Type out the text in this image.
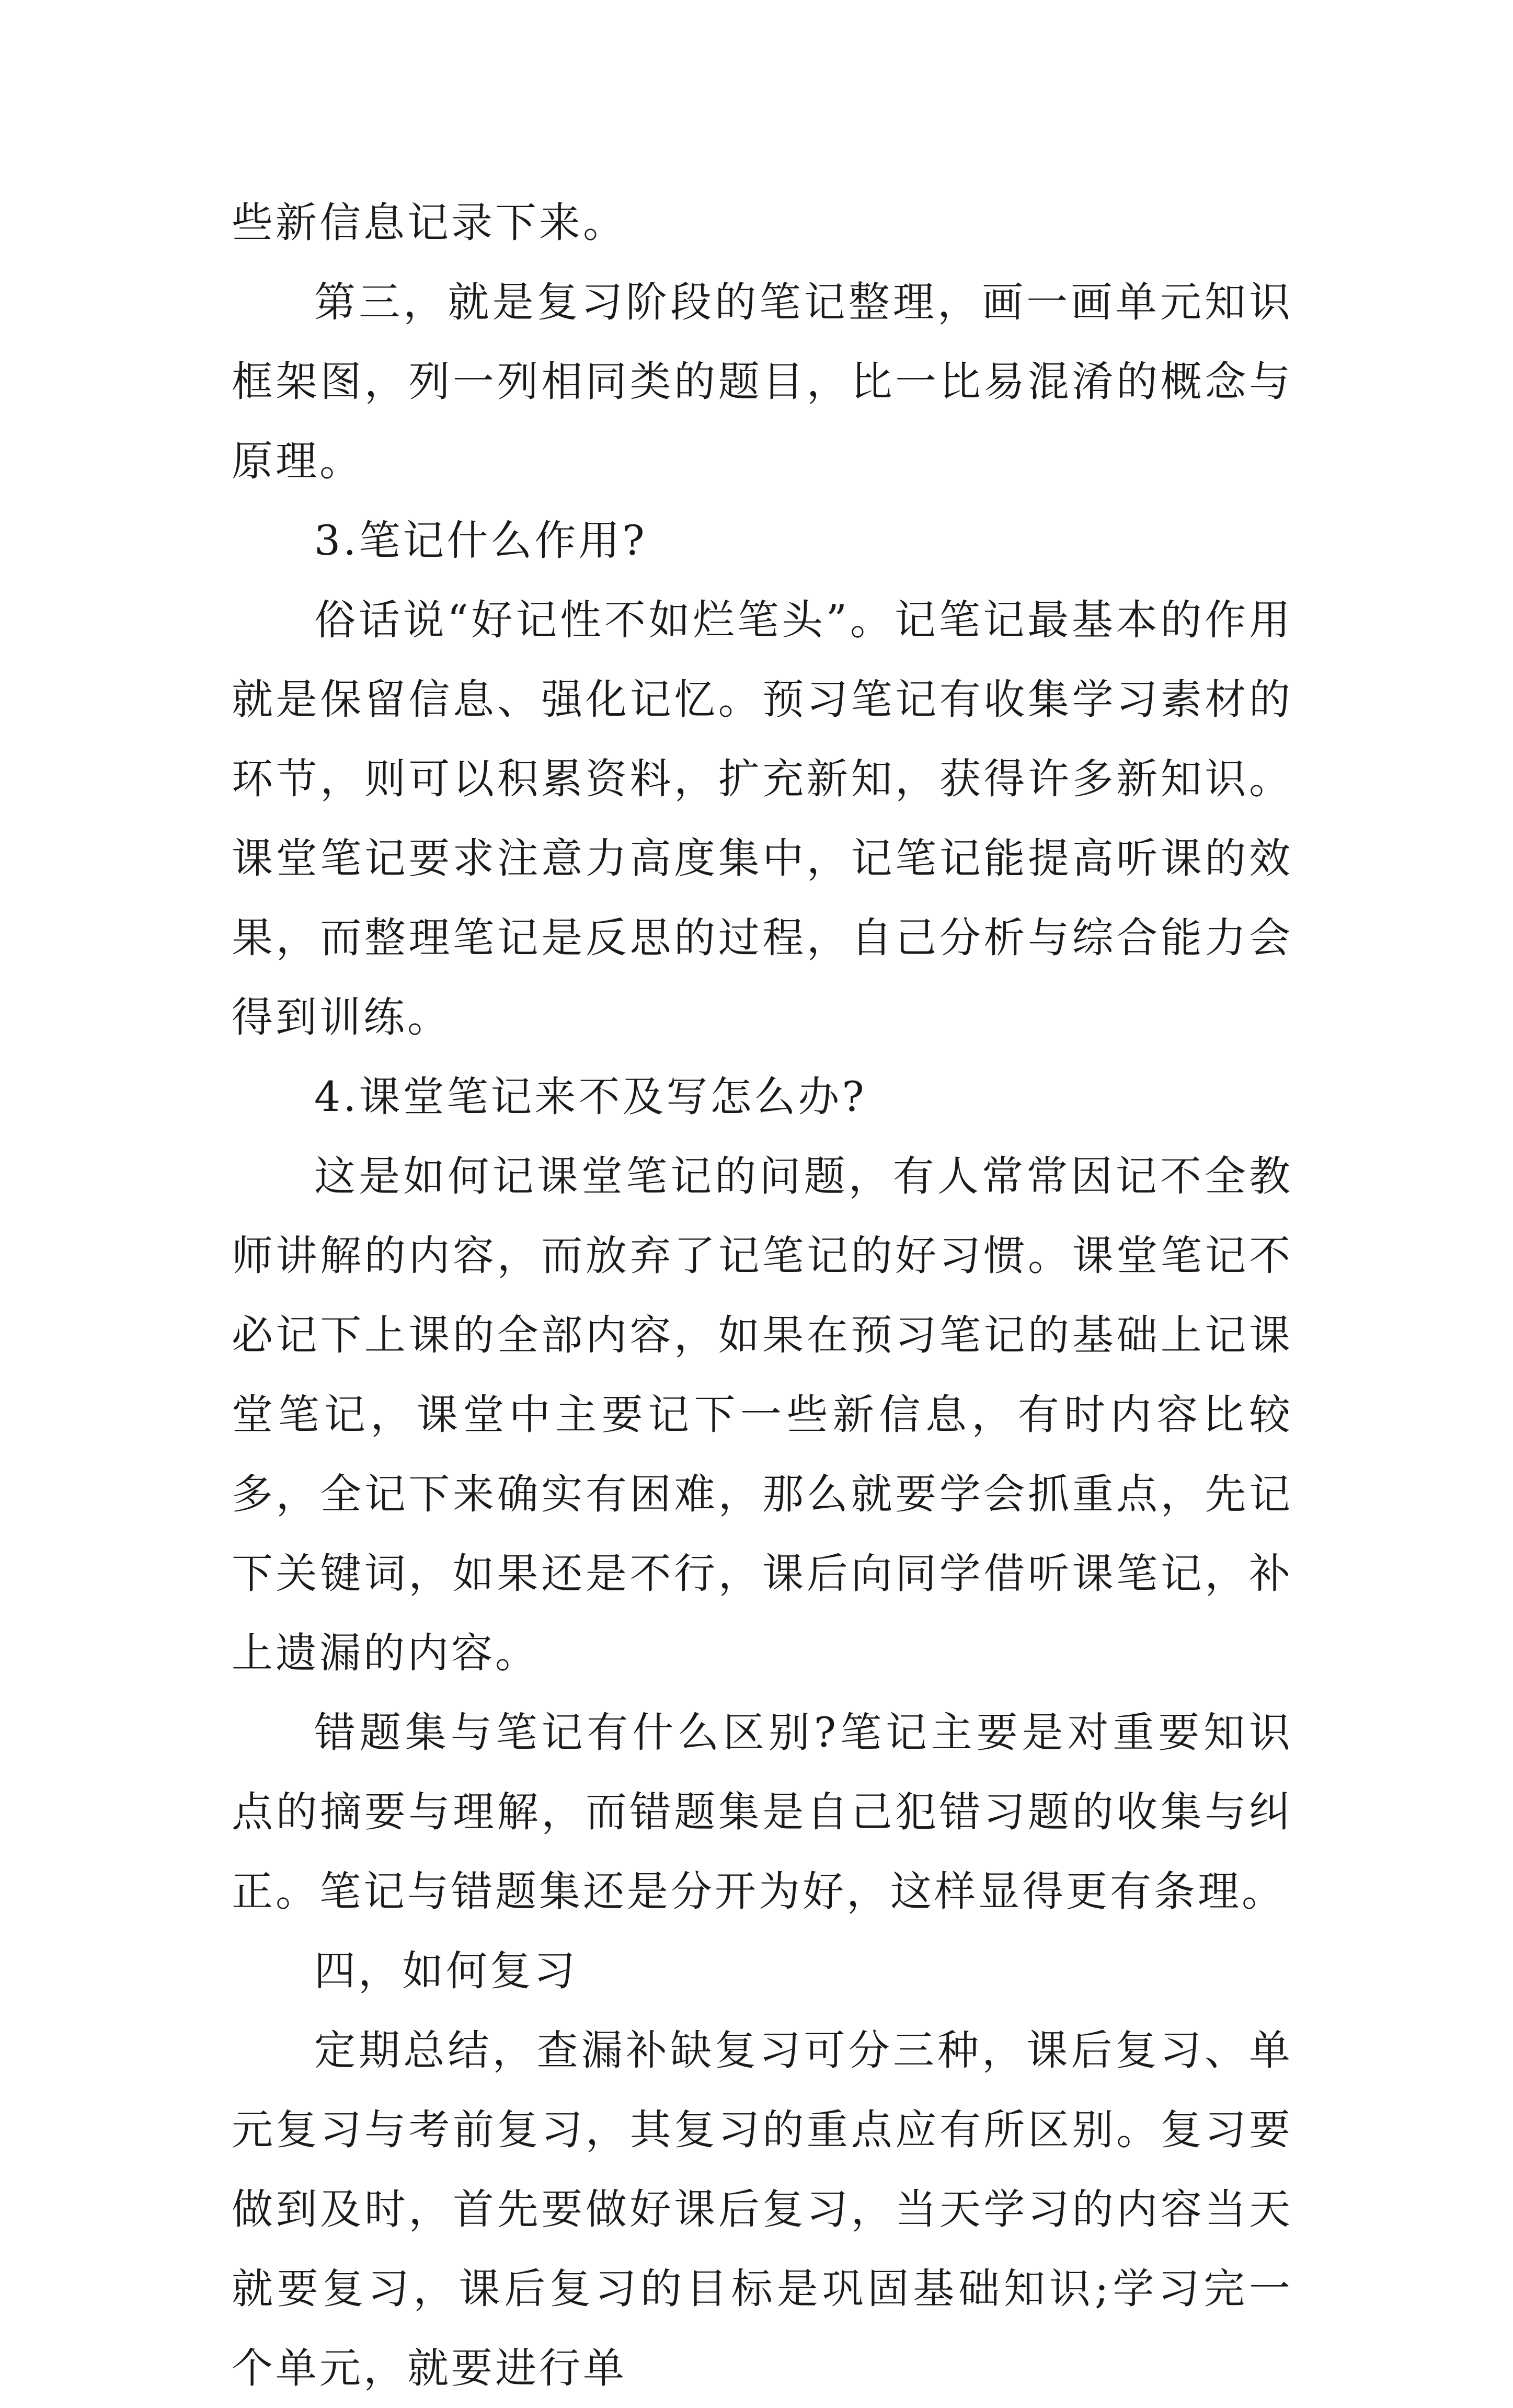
些新信息记录下来。

第三，就是复习阶段的笔记整理，画一画单元知识框架图，列一列相同类的题目，比一比易混淆的概念与原理。

3.笔记什么作用?

俗话说“好记性不如烂笔头”。记笔记最基本的作用就是保留信息、强化记忆。预习笔记有收集学习素材的环节，则可以积累资料，扩充新知，获得许多新知识。课堂笔记要求注意力高度集中，记笔记能提高听课的效果，而整理笔记是反思的过程，自己分析与综合能力会得到训练。

4.课堂笔记来不及写怎么办?

这是如何记课堂笔记的问题，有人常常因记不全教师讲解的内容，而放弃了记笔记的好习惯。课堂笔记不必记下上课的全部内容，如果在预习笔记的基础上记课堂笔记，课堂中主要记下一些新信息，有时内容比较多，全记下来确实有困难，那么就要学会抓重点，先记下关键词，如果还是不行，课后向同学借听课笔记，补上遗漏的内容。

错题集与笔记有什么区别?笔记主要是对重要知识点的摘要与理解，而错题集是自己犯错习题的收集与纠正。笔记与错题集还是分开为好，这样显得更有条理。

四，如何复习

定期总结，查漏补缺复习可分三种，课后复习、单元复习与考前复习，其复习的重点应有所区别。复习要做到及时，首先要做好课后复习，当天学习的内容当天就要复习，课后复习的目标是巩固基础知识;学习完一个单元，就要进行单
